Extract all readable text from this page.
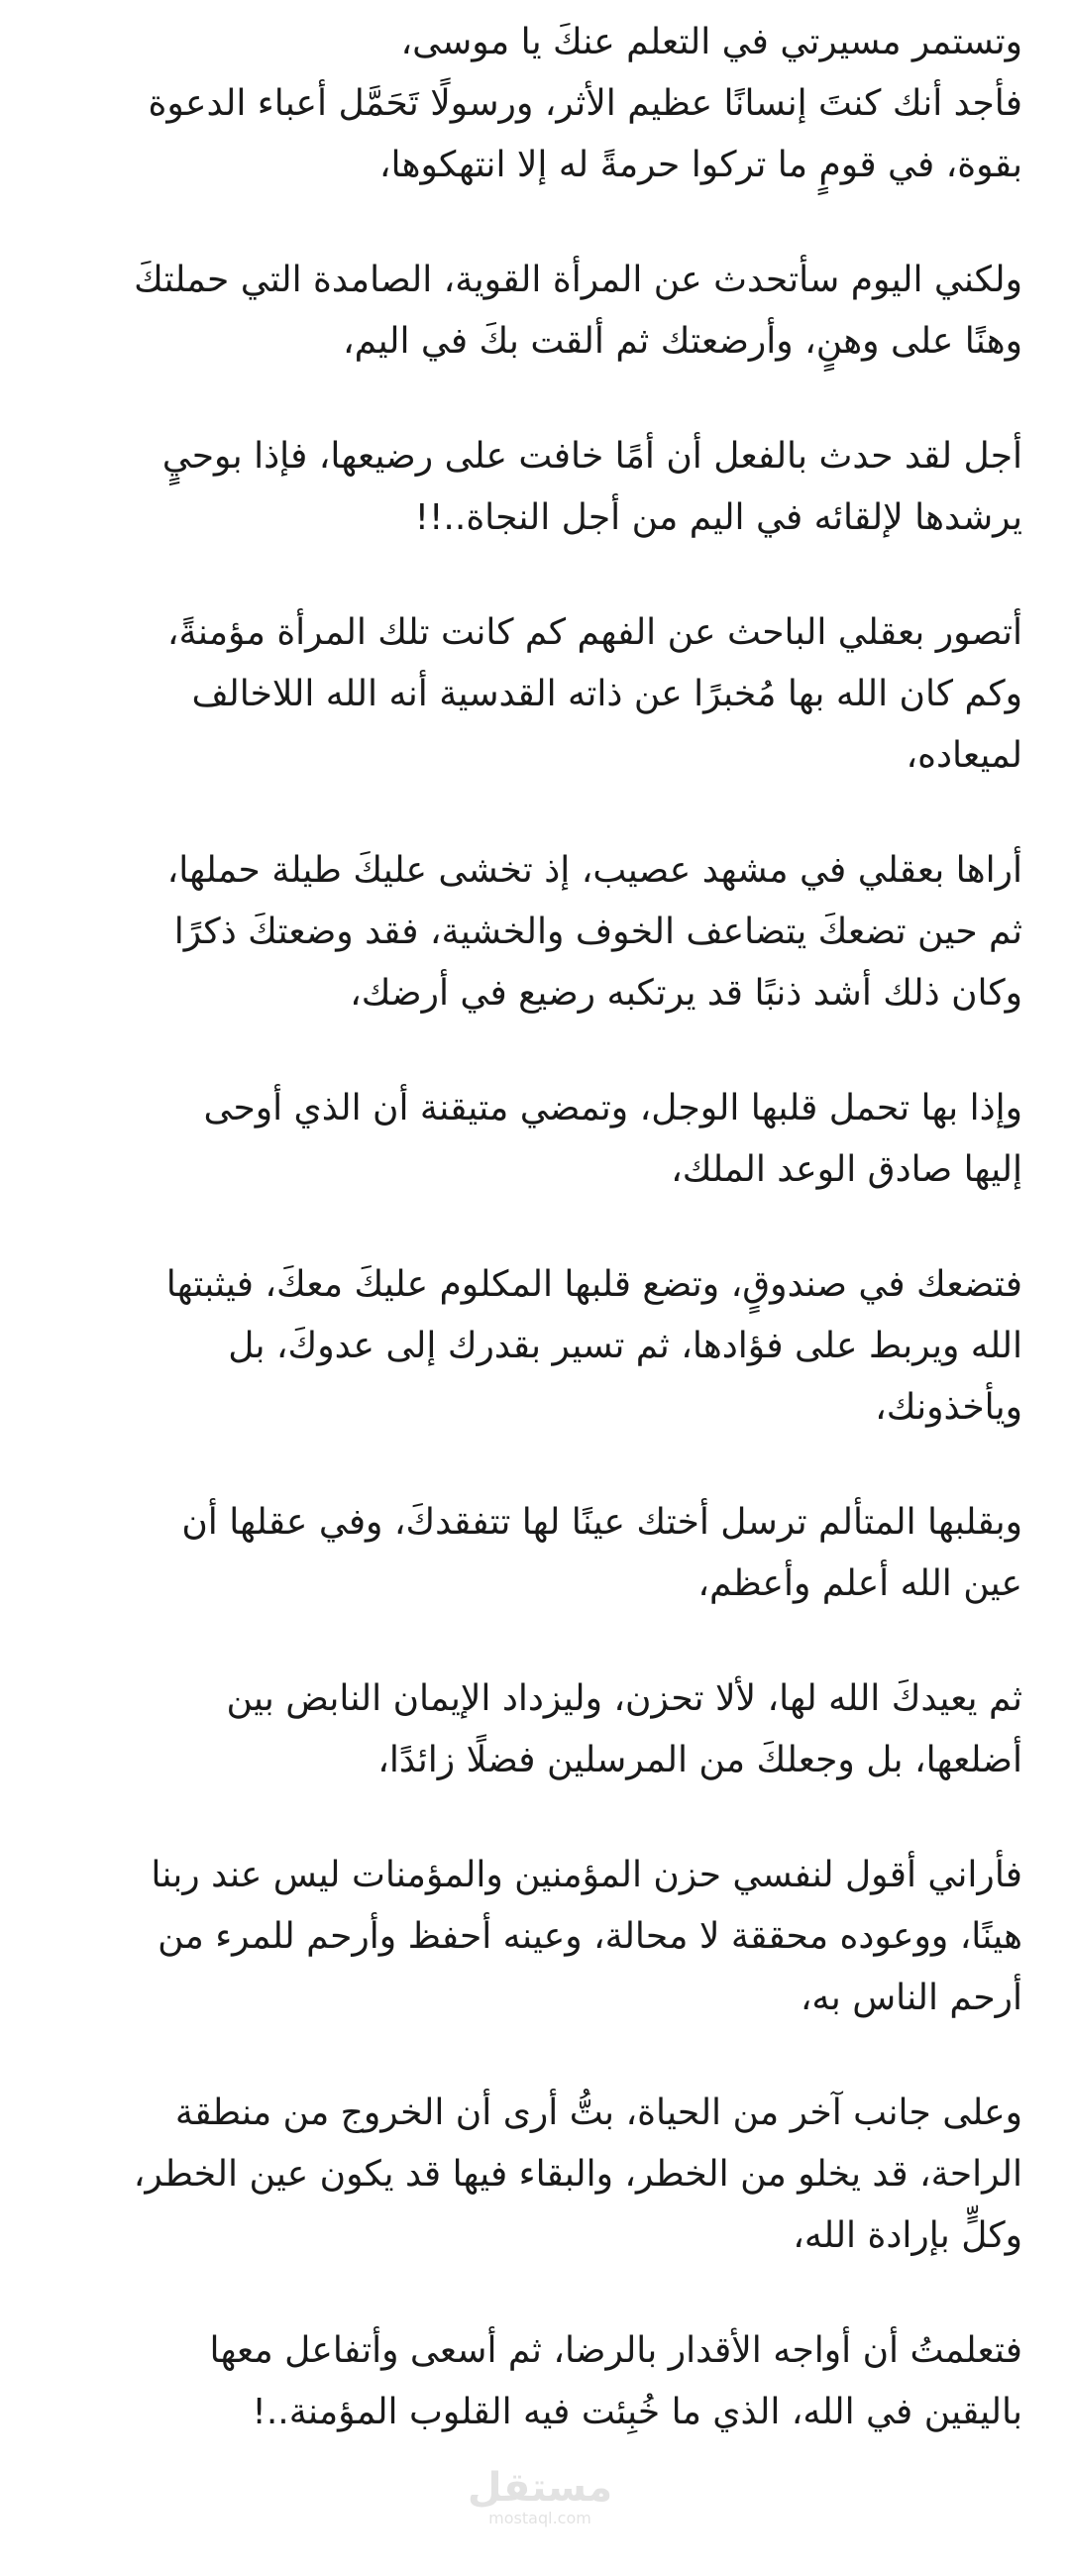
وتستمر مسيرتي في التعلم عنكَ يا موسى،
فأجد أنك كنتَ إنسانًا عظيم الأثر، ورسولًا تَحَمَّل أعباء الدعوة
بقوة، في قومٍ ما تركوا حرمةً له إلا انتهكوها،

ولكني اليوم سأتحدث عن المرأة القوية، الصامدة التي حملتكَ
وهنًا على وهنٍ، وأرضعتك ثم ألقت بكَ في اليم،

أجل لقد حدث بالفعل أن أمًا خافت على رضيعها، فإذا بوحيٍ
يرشدها لإلقائه في اليم من أجل النجاة..!!

أتصور بعقلي الباحث عن الفهم كم كانت تلك المرأة مؤمنةً،
وكم كان الله بها مُخبرًا عن ذاته القدسية أنه الله اللاخالف
لميعاده،

أراها بعقلي في مشهد عصيب، إذ تخشى عليكَ طيلة حملها،
ثم حين تضعكَ يتضاعف الخوف والخشية، فقد وضعتكَ ذكرًا
وكان ذلك أشد ذنبًا قد يرتكبه رضيع في أرضك،

وإذا بها تحمل قلبها الوجل، وتمضي متيقنة أن الذي أوحى
إليها صادق الوعد الملك،

فتضعك في صندوقٍ، وتضع قلبها المكلوم عليكَ معكَ، فيثبتها
الله ويربط على فؤادها، ثم تسير بقدرك إلى عدوكَ، بل
ويأخذونك،

وبقلبها المتألم ترسل أختك عينًا لها تتفقدكَ، وفي عقلها أن
عين الله أعلم وأعظم،

ثم يعيدكَ الله لها، لألا تحزن، وليزداد الإيمان النابض بين
أضلعها، بل وجعلكَ من المرسلين فضلًا زائدًا،

فأراني أقول لنفسي حزن المؤمنين والمؤمنات ليس عند ربنا
هينًا، ووعوده محققة لا محالة، وعينه أحفظ وأرحم للمرء من
أرحم الناس به،

وعلى جانب آخر من الحياة، بتُّ أرى أن الخروج من منطقة
الراحة، قد يخلو من الخطر، والبقاء فيها قد يكون عين الخطر،
وكلٍّ بإرادة الله،

فتعلمتُ أن أواجه الأقدار بالرضا، ثم أسعى وأتفاعل معها
باليقين في الله، الذي ما خُبِئت فيه القلوب المؤمنة..!

مستقل
mostaql.com
